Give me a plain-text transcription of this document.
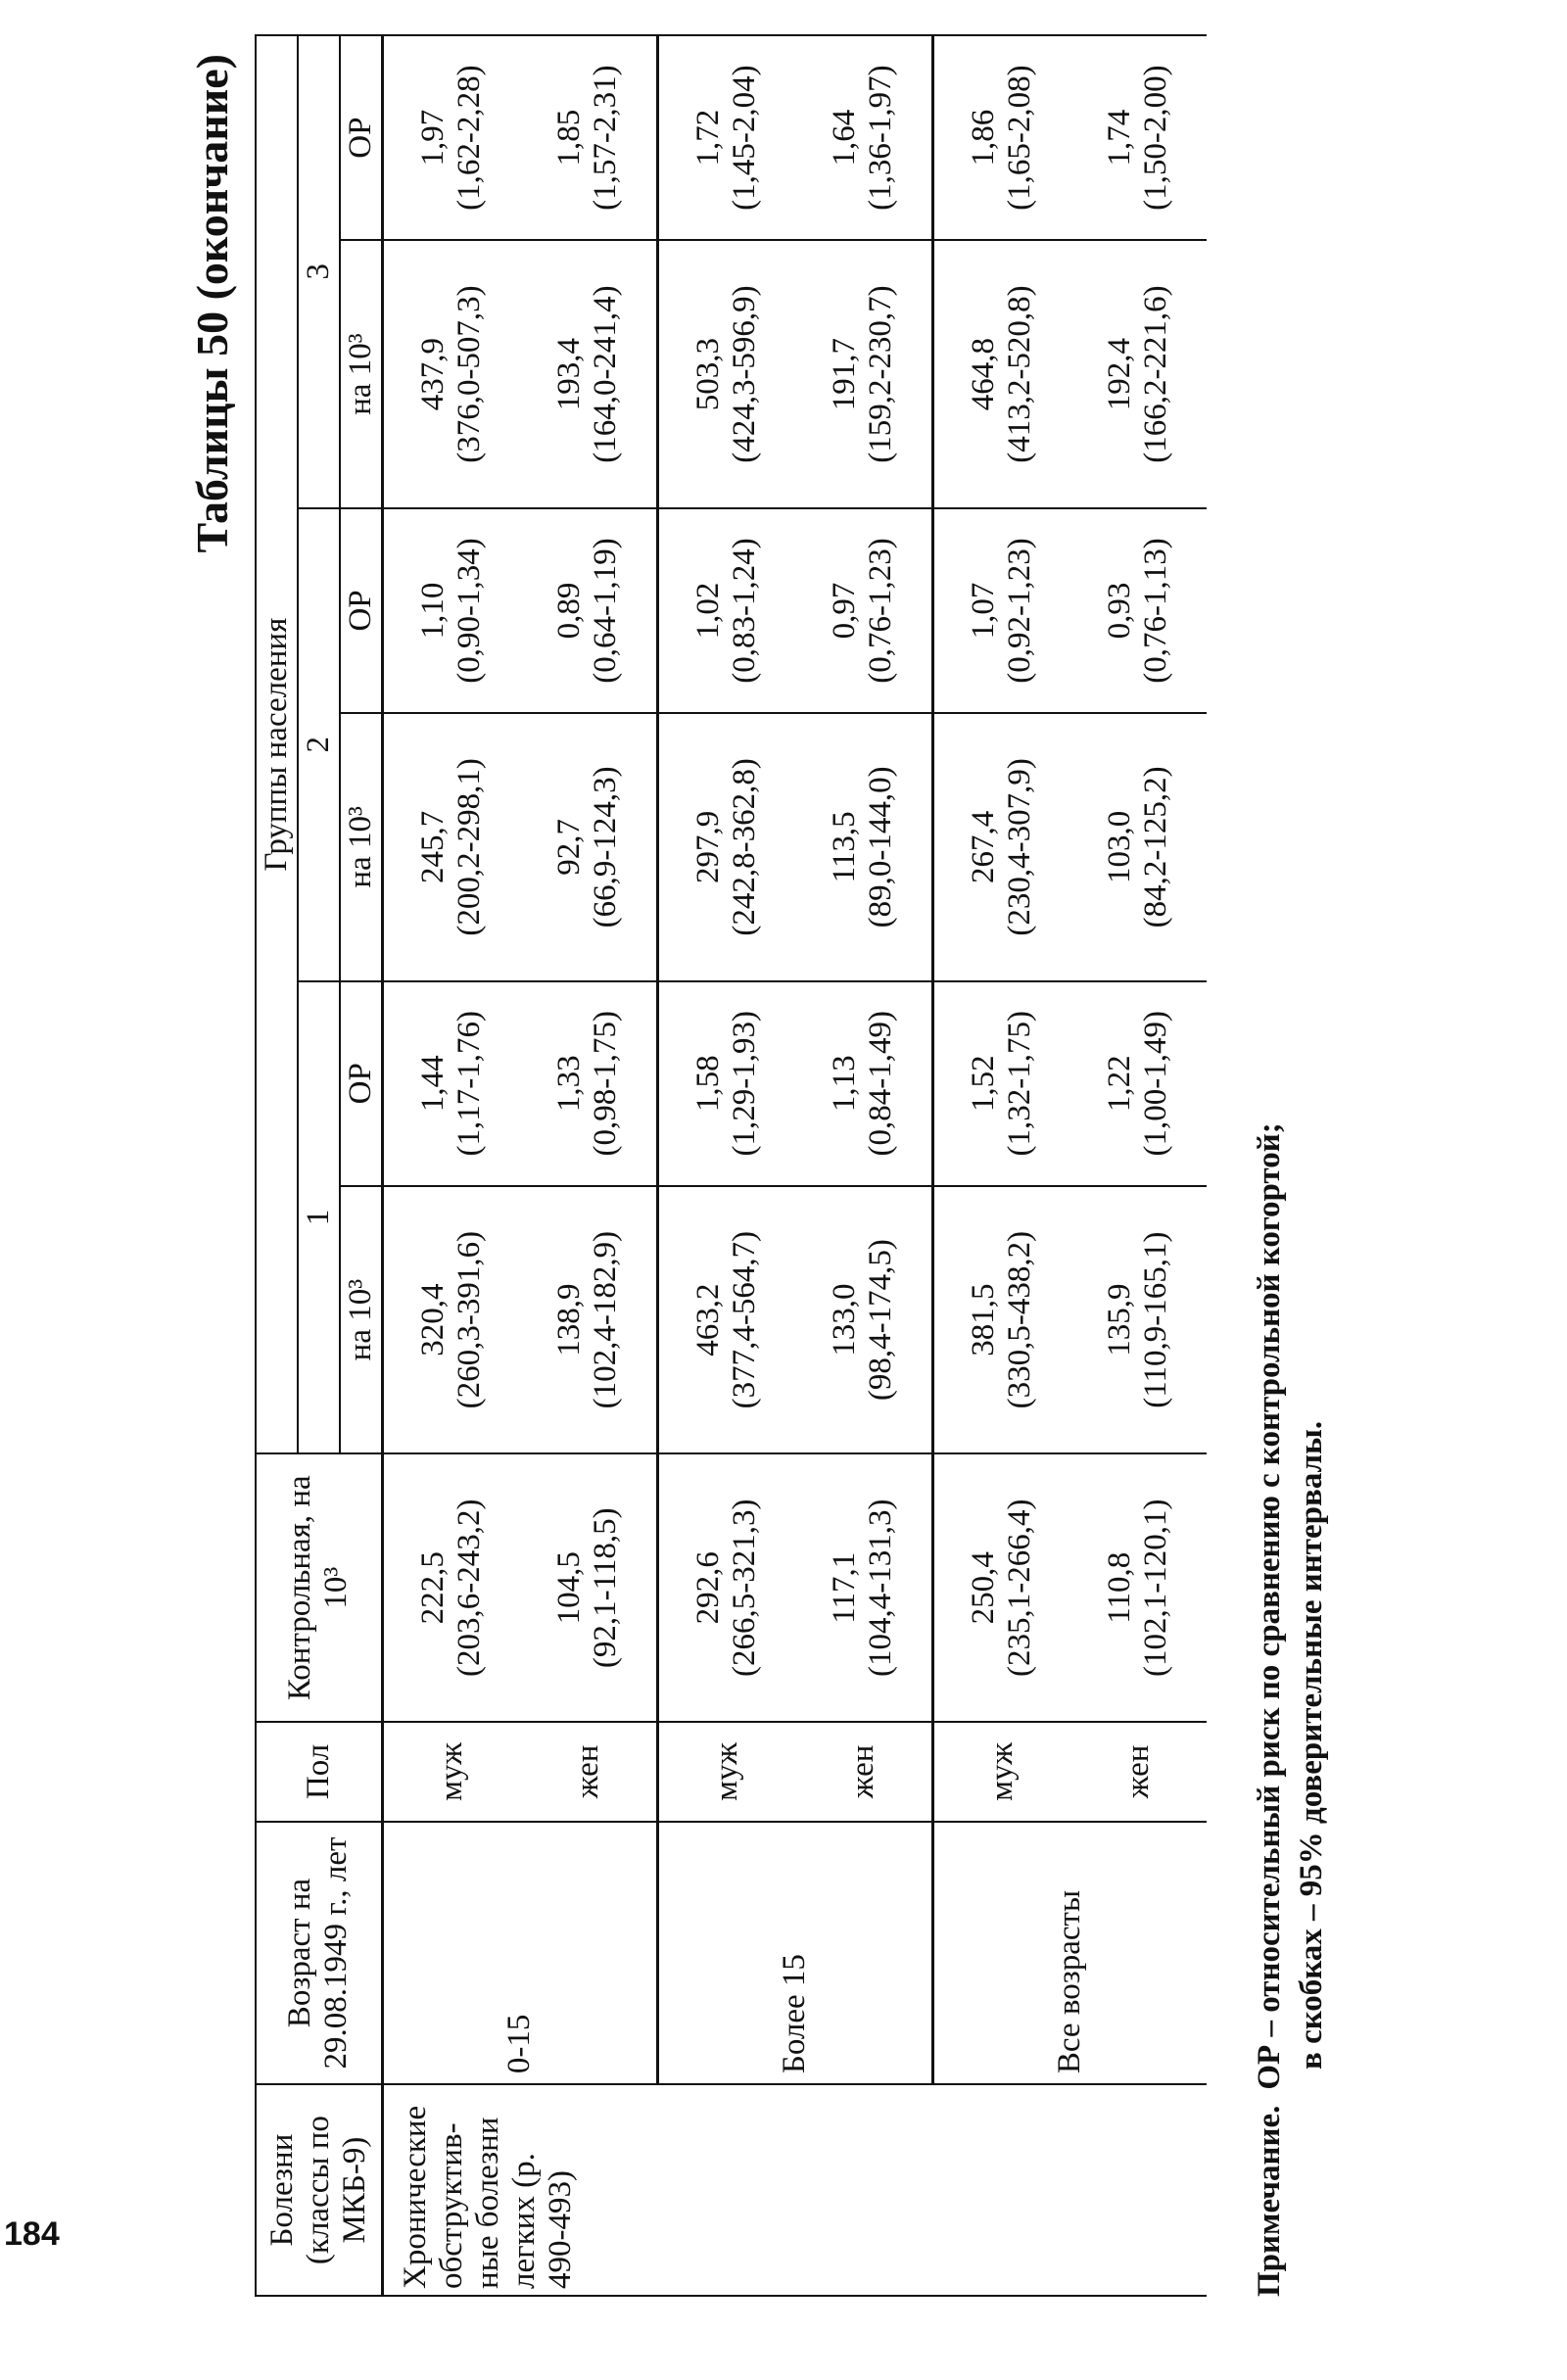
184
Таблицы 50 (окончание)
Болезни (классы по МКБ-9)	Возраст на 29.08.1949 г., лет	Пол	Контрольная, на 10³	Группы населения					
				1		2		3	
				на 10³	ОР	на 10³	ОР	на 10³	ОР
Хронические обструктив-ные болезни легких (р. 490-493)	0-15	муж	222,5 (203,6-243,2)	320,4 (260,3-391,6)	1,44 (1,17-1,76)	245,7 (200,2-298,1)	1,10 (0,90-1,34)	437,9 (376,0-507,3)	1,97 (1,62-2,28)

		жен	104,5 (92,1-118,5)	138,9 (102,4-182,9)	1,33 (0,98-1,75)	92,7 (66,9-124,3)	0,89 (0,64-1,19)	193,4 (164,0-241,4)	1,85 (1,57-2,31)

	Более 15	муж	292,6 (266,5-321,3)	463,2 (377,4-564,7)	1,58 (1,29-1,93)	297,9 (242,8-362,8)	1,02 (0,83-1,24)	503,3 (424,3-596,9)	1,72 (1,45-2,04)

		жен	117,1 (104,4-131,3)	133,0 (98,4-174,5)	1,13 (0,84-1,49)	113,5 (89,0-144,0)	0,97 (0,76-1,23)	191,7 (159,2-230,7)	1,64 (1,36-1,97)

	Все возрасты	муж	250,4 (235,1-266,4)	381,5 (330,5-438,2)	1,52 (1,32-1,75)	267,4 (230,4-307,9)	1,07 (0,92-1,23)	464,8 (413,2-520,8)	1,86 (1,65-2,08)

		жен	110,8 (102,1-120,1)	135,9 (110,9-165,1)	1,22 (1,00-1,49)	103,0 (84,2-125,2)	0,93 (0,76-1,13)	192,4 (166,2-221,6)	1,74 (1,50-2,00)
Примечание.ОР – относительный риск по сравнению с контрольной когортой; в скобках – 95% доверительные интервалы.
